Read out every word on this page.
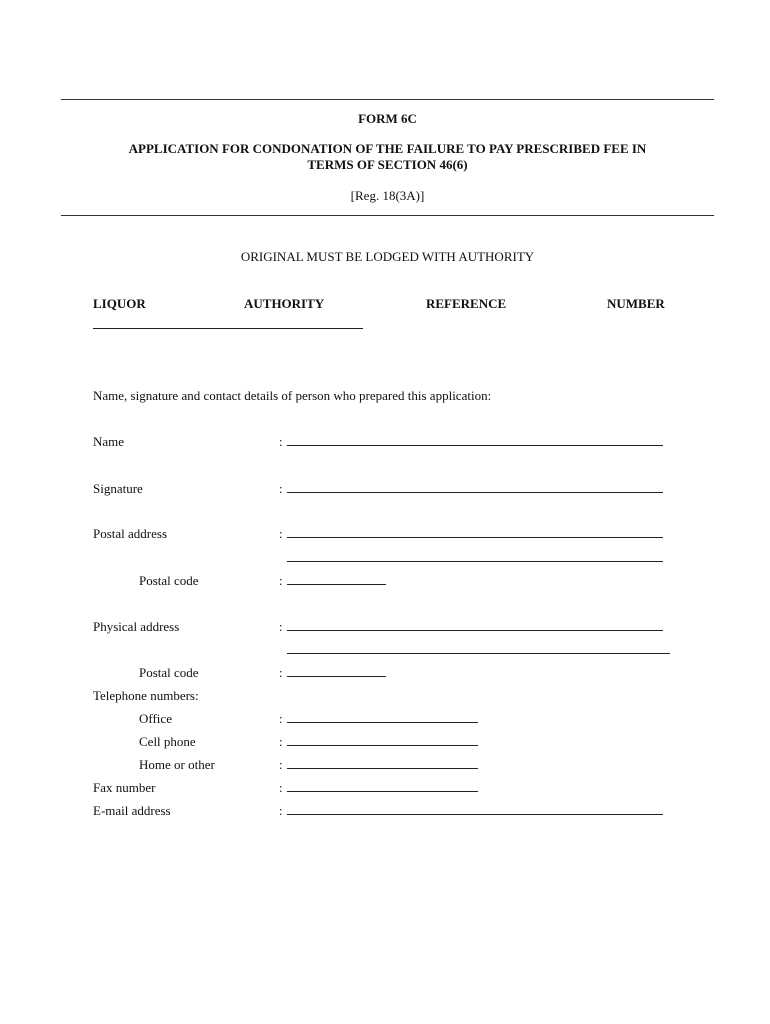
FORM 6C
APPLICATION FOR CONDONATION OF THE FAILURE TO PAY PRESCRIBED FEE IN
TERMS OF SECTION 46(6)
[Reg. 18(3A)]
ORIGINAL MUST BE LODGED WITH AUTHORITY
LIQUOR	AUTHORITY	REFERENCE	NUMBER
Name, signature and contact details of person who prepared this application:
Name	:
Signature	:
Postal address	:
Postal code	:
Physical address	:
Postal code	:
Telephone numbers:
Office	:
Cell phone	:
Home or other	:
Fax number	:
E-mail address	:
